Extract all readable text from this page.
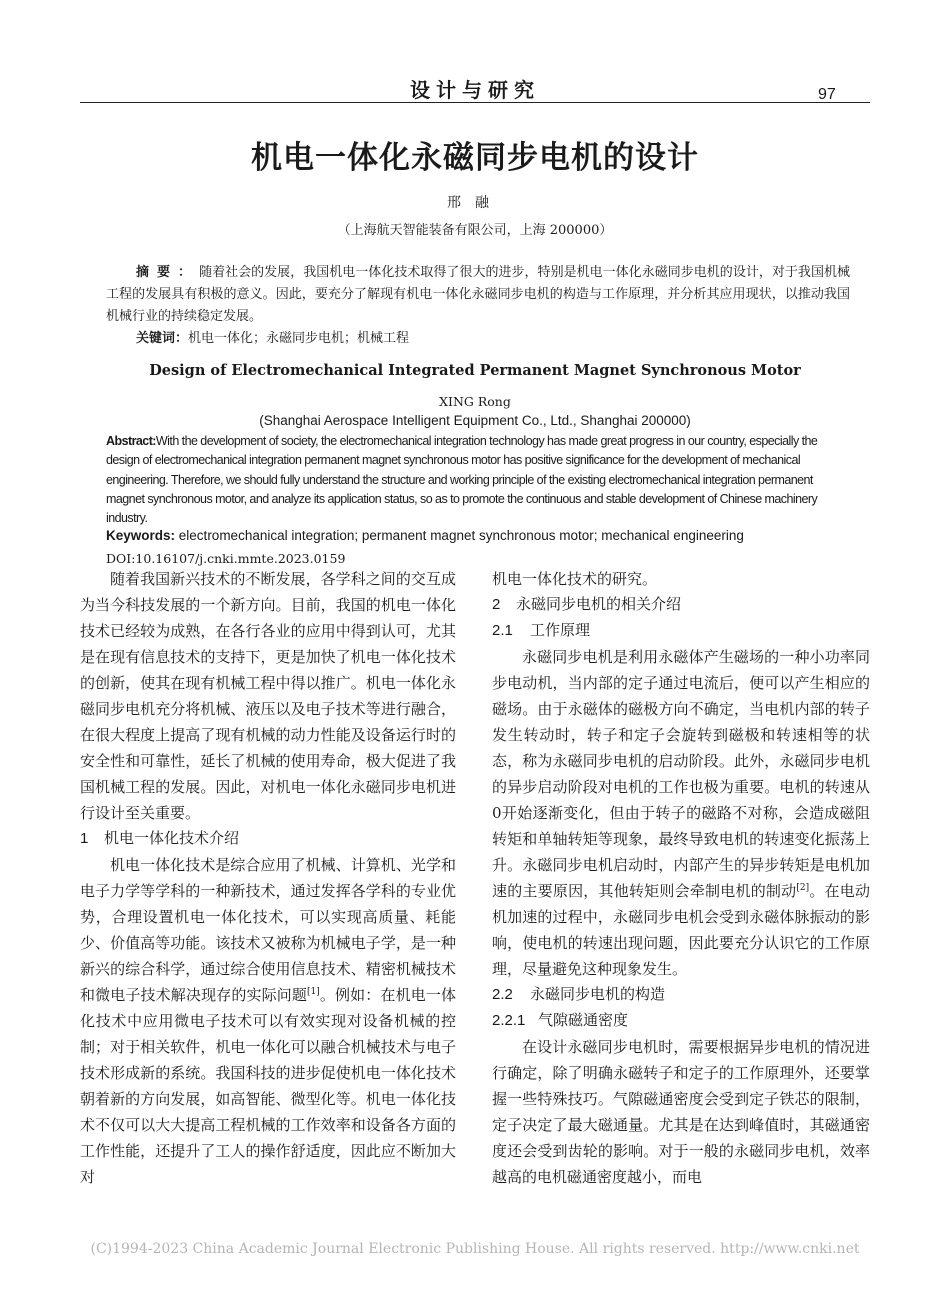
设计与研究	97
机电一体化永磁同步电机的设计
邢融
（上海航天智能装备有限公司，上海 200000）
摘要：随着社会的发展，我国机电一体化技术取得了很大的进步，特别是机电一体化永磁同步电机的设计，对于我国机械工程的发展具有积极的意义。因此，要充分了解现有机电一体化永磁同步电机的构造与工作原理，并分析其应用现状，以推动我国机械行业的持续稳定发展。
关键词：机电一体化；永磁同步电机；机械工程
Design of Electromechanical Integrated Permanent Magnet Synchronous Motor
XING Rong
(Shanghai Aerospace Intelligent Equipment Co., Ltd., Shanghai 200000)
Abstract:With the development of society, the electromechanical integration technology has made great progress in our country, especially the design of electromechanical integration permanent magnet synchronous motor has positive significance for the development of mechanical engineering. Therefore, we should fully understand the structure and working principle of the existing electromechanical integration permanent magnet synchronous motor, and analyze its application status, so as to promote the continuous and stable development of Chinese machinery industry.
Keywords: electromechanical integration; permanent magnet synchronous motor; mechanical engineering
DOI:10.16107/j.cnki.mmte.2023.0159

随着我国新兴技术的不断发展，各学科之间的交互成为当今科技发展的一个新方向。目前，我国的机电一体化技术已经较为成熟，在各行各业的应用中得到认可，尤其是在现有信息技术的支持下，更是加快了机电一体化技术的创新，使其在现有机械工程中得以推广。机电一体化永磁同步电机充分将机械、液压以及电子技术等进行融合，在很大程度上提高了现有机械的动力性能及设备运行时的安全性和可靠性，延长了机械的使用寿命，极大促进了我国机械工程的发展。因此，对机电一体化永磁同步电机进行设计至关重要。

1 机电一体化技术介绍

机电一体化技术是综合应用了机械、计算机、光学和电子力学等学科的一种新技术，通过发挥各学科的专业优势，合理设置机电一体化技术，可以实现高质量、耗能少、价值高等功能。该技术又被称为机械电子学，是一种新兴的综合科学，通过综合使用信息技术、精密机械技术和微电子技术解决现存的实际问题[1]。例如：在机电一体化技术中应用微电子技术可以有效实现对设备机械的控制；对于相关软件，机电一体化可以融合机械技术与电子技术形成新的系统。我国科技的进步促使机电一体化技术朝着新的方向发展，如高智能、微型化等。机电一体化技术不仅可以大大提高工程机械的工作效率和设备各方面的工作性能，还提升了工人的操作舒适度，因此应不断加大对

机电一体化技术的研究。

2 永磁同步电机的相关介绍

2.1 工作原理

永磁同步电机是利用永磁体产生磁场的一种小功率同步电动机，当内部的定子通过电流后，便可以产生相应的磁场。由于永磁体的磁极方向不确定，当电机内部的转子发生转动时，转子和定子会旋转到磁极和转速相等的状态，称为永磁同步电机的启动阶段。此外，永磁同步电机的异步启动阶段对电机的工作也极为重要。电机的转速从0开始逐渐变化，但由于转子的磁路不对称，会造成磁阻转矩和单轴转矩等现象，最终导致电机的转速变化振荡上升。永磁同步电机启动时，内部产生的异步转矩是电机加速的主要原因，其他转矩则会牵制电机的制动[2]。在电动机加速的过程中，永磁同步电机会受到永磁体脉振动的影响，使电机的转速出现问题，因此要充分认识它的工作原理，尽量避免这种现象发生。

2.2 永磁同步电机的构造

2.2.1 气隙磁通密度

在设计永磁同步电机时，需要根据异步电机的情况进行确定，除了明确永磁转子和定子的工作原理外，还要掌握一些特殊技巧。气隙磁通密度会受到定子铁芯的限制，定子决定了最大磁通量。尤其是在达到峰值时，其磁通密度还会受到齿轮的影响。对于一般的永磁同步电机，效率越高的电机磁通密度越小，而电

(C)1994-2023 China Academic Journal Electronic Publishing House. All rights reserved. http://www.cnki.net
